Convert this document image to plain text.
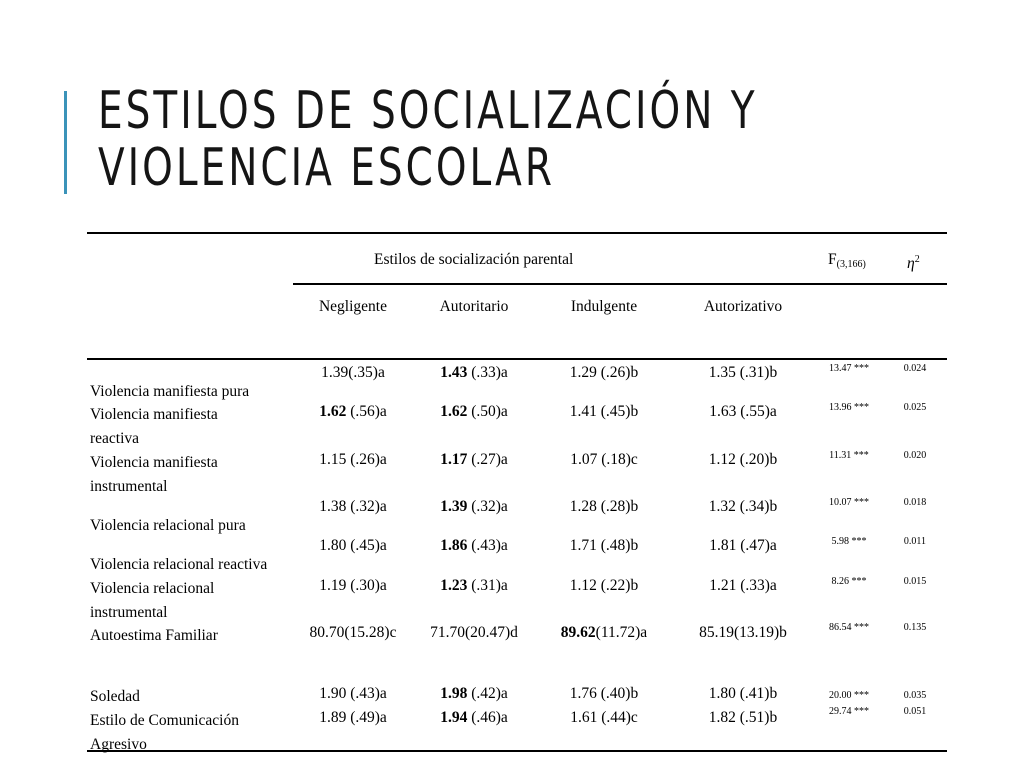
ESTILOS DE SOCIALIZACIÓN Y VIOLENCIA ESCOLAR
Estilos de socialización parental	F(3,166)	$\eta^2$
Negligente	Autoritario	Indulgente	Autorizativo
Violencia manifiesta pura
1.39(.35)a	1.43 (.33)a	1.29 (.26)b	1.35 (.31)b	13.47 ***	0.024
Violencia manifiesta
reactiva
1.62 (.56)a	1.62 (.50)a	1.41 (.45)b	1.63 (.55)a	13.96 ***	0.025
Violencia manifiesta
instrumental
1.15 (.26)a	1.17 (.27)a	1.07 (.18)c	1.12 (.20)b	11.31 ***	0.020
Violencia relacional pura
1.38 (.32)a	1.39 (.32)a	1.28 (.28)b	1.32 (.34)b	10.07 ***	0.018
Violencia relacional reactiva
1.80 (.45)a	1.86 (.43)a	1.71 (.48)b	1.81 (.47)a	5.98 ***	0.011
Violencia relacional
instrumental
1.19 (.30)a	1.23 (.31)a	1.12 (.22)b	1.21 (.33)a	8.26 ***	0.015
Autoestima Familiar	80.70(15.28)c	71.70(20.47)d	89.62(11.72)a	85.19(13.19)b	86.54 ***	0.135
Soledad	1.90 (.43)a	1.98 (.42)a	1.76 (.40)b	1.80 (.41)b	20.00 ***	0.035
Estilo de Comunicación
Agresivo
1.89 (.49)a	1.94 (.46)a	1.61 (.44)c	1.82 (.51)b	29.74 ***	0.051
